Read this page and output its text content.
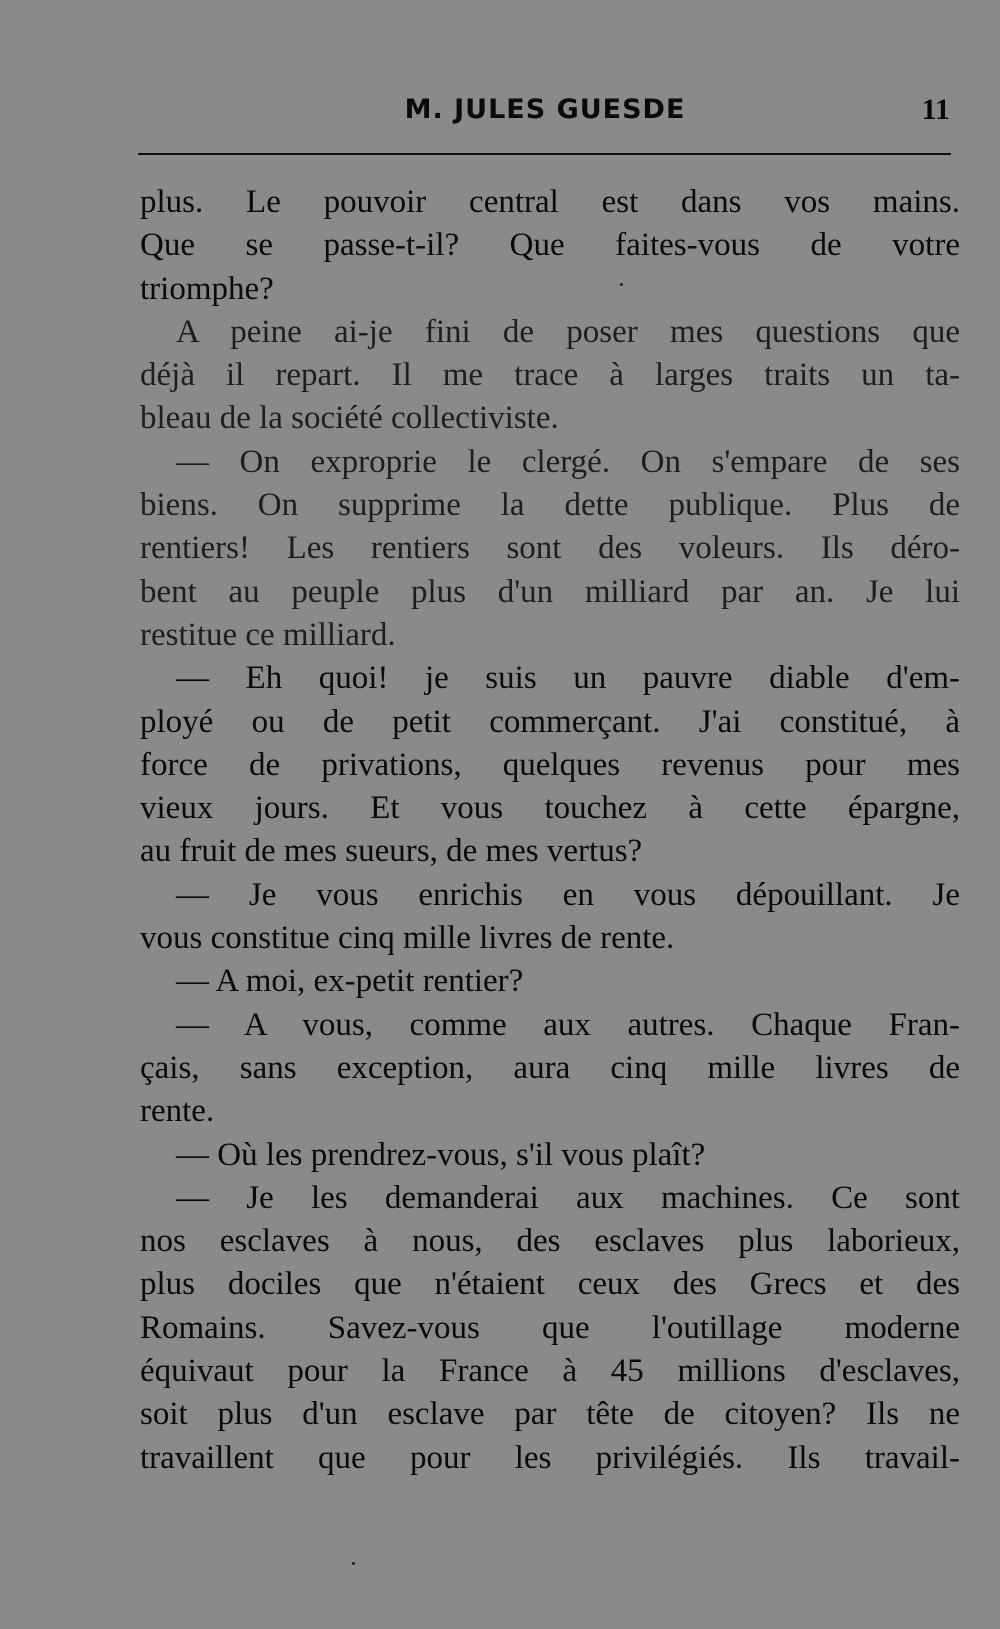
M. JULES GUESDE	11
plus. Le pouvoir central est dans vos mains.
Que se passe-t-il? Que faites-vous de votre
triomphe?
A peine ai-je fini de poser mes questions que
déjà il repart. Il me trace à larges traits un ta-
bleau de la société collectiviste.
— On exproprie le clergé. On s'empare de ses
biens. On supprime la dette publique. Plus de
rentiers! Les rentiers sont des voleurs. Ils déro-
bent au peuple plus d'un milliard par an. Je lui
restitue ce milliard.
— Eh quoi! je suis un pauvre diable d'em-
ployé ou de petit commerçant. J'ai constitué, à
force de privations, quelques revenus pour mes
vieux jours. Et vous touchez à cette épargne,
au fruit de mes sueurs, de mes vertus?
— Je vous enrichis en vous dépouillant. Je
vous constitue cinq mille livres de rente.
— A moi, ex-petit rentier?
— A vous, comme aux autres. Chaque Fran-
çais, sans exception, aura cinq mille livres de
rente.
— Où les prendrez-vous, s'il vous plaît?
— Je les demanderai aux machines. Ce sont
nos esclaves à nous, des esclaves plus laborieux,
plus dociles que n'étaient ceux des Grecs et des
Romains. Savez-vous que l'outillage moderne
équivaut pour la France à 45 millions d'esclaves,
soit plus d'un esclave par tête de citoyen? Ils ne
travaillent que pour les privilégiés. Ils travail-
